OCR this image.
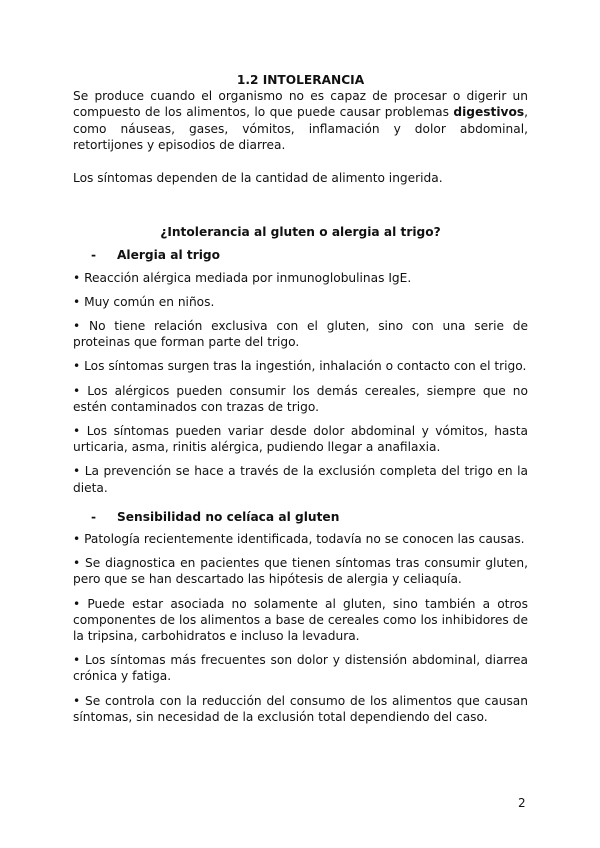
1.2 INTOLERANCIA

Se produce cuando el organismo no es capaz de procesar o digerir un compuesto de los alimentos, lo que puede causar problemas digestivos, como náuseas, gases, vómitos, inflamación y dolor abdominal, retortijones y episodios de diarrea.

Los síntomas dependen de la cantidad de alimento ingerida.

¿Intolerancia al gluten o alergia al trigo?

- Alergia al trigo

• Reacción alérgica mediada por inmunoglobulinas IgE.

• Muy común en niños.

• No tiene relación exclusiva con el gluten, sino con una serie de proteinas que forman parte del trigo.

• Los síntomas surgen tras la ingestión, inhalación o contacto con el trigo.

• Los alérgicos pueden consumir los demás cereales, siempre que no estén contaminados con trazas de trigo.

• Los síntomas pueden variar desde dolor abdominal y vómitos, hasta urticaria, asma, rinitis alérgica, pudiendo llegar a anafilaxia.

• La prevención se hace a través de la exclusión completa del trigo en la dieta.

- Sensibilidad no celíaca al gluten

• Patología recientemente identificada, todavía no se conocen las causas.

• Se diagnostica en pacientes que tienen síntomas tras consumir gluten, pero que se han descartado las hipótesis de alergia y celiaquía.

• Puede estar asociada no solamente al gluten, sino también a otros componentes de los alimentos a base de cereales como los inhibidores de la tripsina, carbohidratos e incluso la levadura.

• Los síntomas más frecuentes son dolor y distensión abdominal, diarrea crónica y fatiga.

• Se controla con la reducción del consumo de los alimentos que causan síntomas, sin necesidad de la exclusión total dependiendo del caso.

2
